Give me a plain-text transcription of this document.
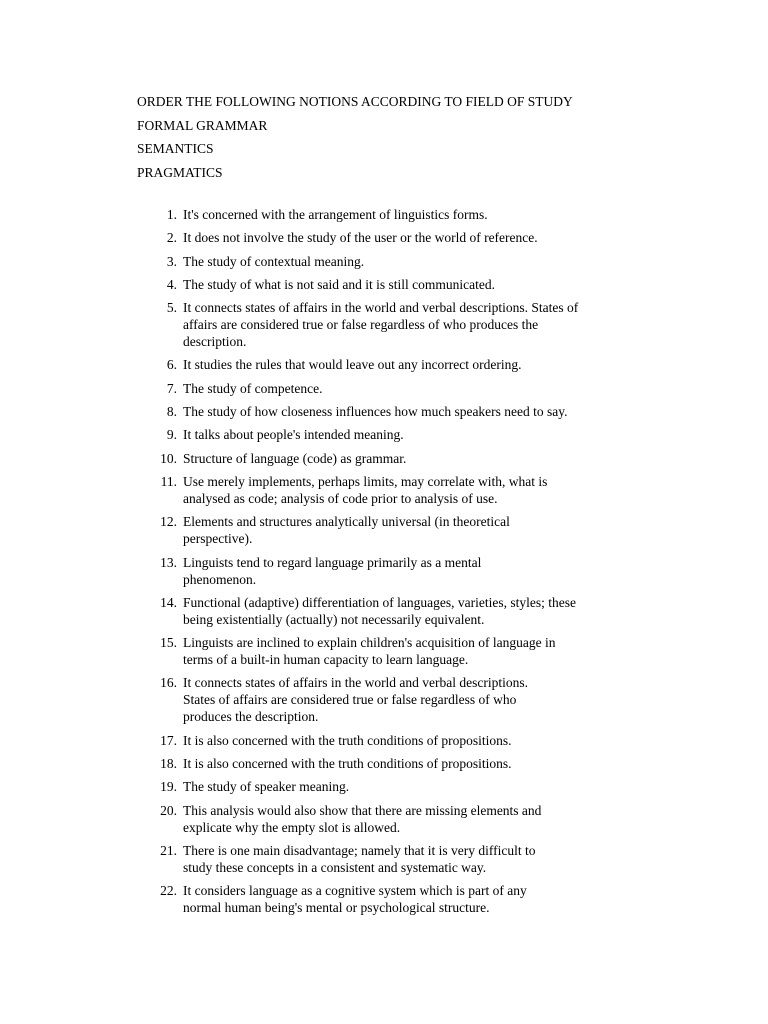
ORDER THE FOLLOWING NOTIONS ACCORDING TO FIELD OF STUDY
FORMAL GRAMMAR
SEMANTICS
PRAGMATICS
1. It's concerned with the arrangement of linguistics forms.
2. It does not involve the study of the user or the world of reference.
3. The study of contextual meaning.
4. The study of what is not said and it is still communicated.
5. It connects states of affairs in the world and verbal descriptions. States of
affairs are considered true or false regardless of who produces the
description.
6. It studies the rules that would leave out any incorrect ordering.
7. The study of competence.
8. The study of how closeness influences how much speakers need to say.
9. It talks about people's intended meaning.
10. Structure of language (code) as grammar.
11. Use merely implements, perhaps limits, may correlate with, what is
analysed as code; analysis of code prior to analysis of use.
12. Elements and structures analytically universal (in theoretical
perspective).
13. Linguists tend to regard language primarily as a mental
phenomenon.
14. Functional (adaptive) differentiation of languages, varieties, styles; these
being existentially (actually) not necessarily equivalent.
15. Linguists are inclined to explain children's acquisition of language in
terms of a built-in human capacity to learn language.
16. It connects states of affairs in the world and verbal descriptions.
States of affairs are considered true or false regardless of who
produces the description.
17. It is also concerned with the truth conditions of propositions.
18. It is also concerned with the truth conditions of propositions.
19. The study of speaker meaning.
20. This analysis would also show that there are missing elements and
explicate why the empty slot is allowed.
21. There is one main disadvantage; namely that it is very difficult to
study these concepts in a consistent and systematic way.
22. It considers language as a cognitive system which is part of any
normal human being's mental or psychological structure.
